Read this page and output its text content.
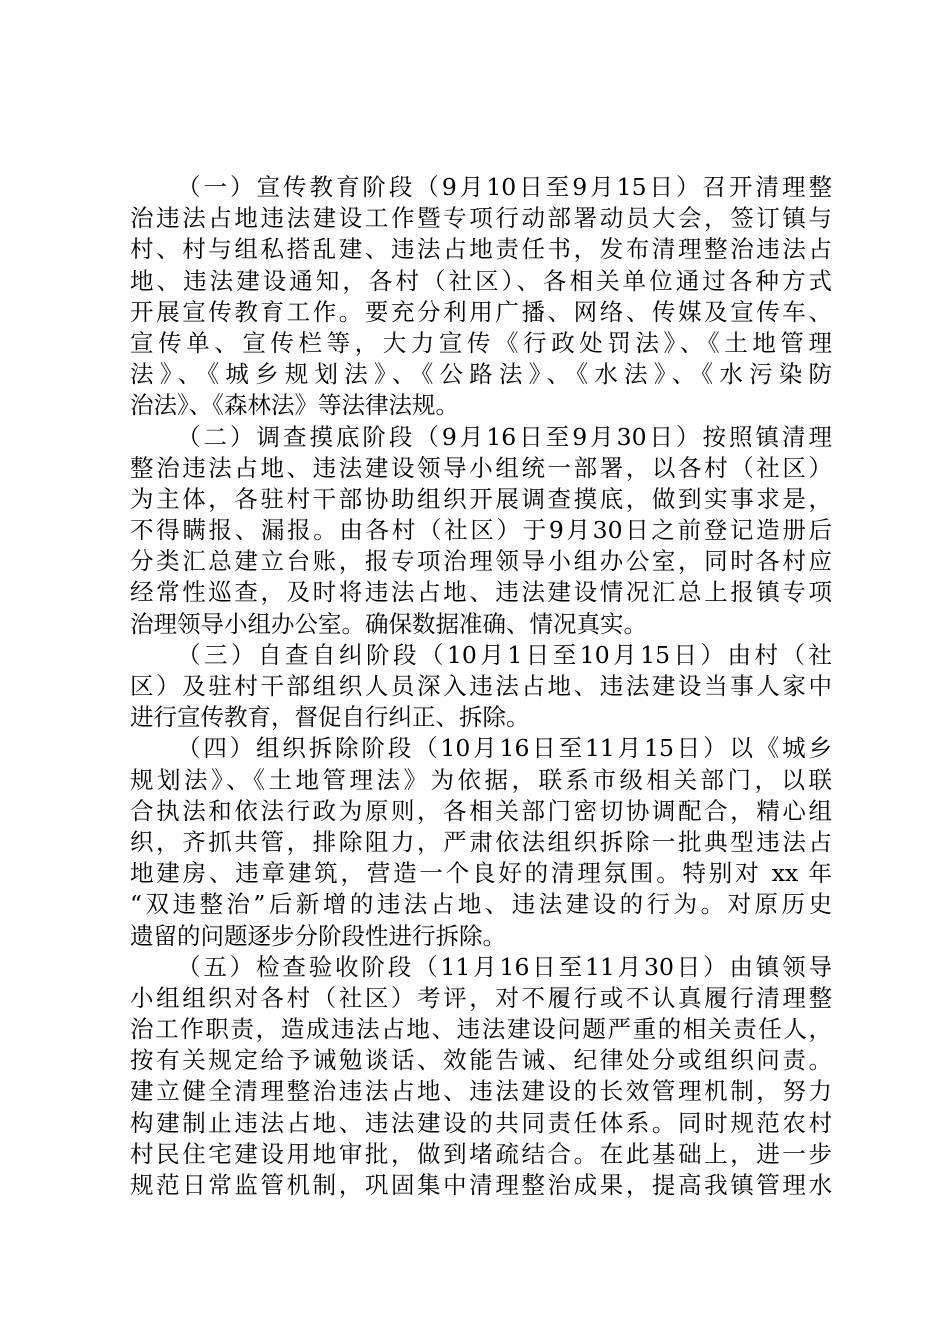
（一）宣传教育阶段（9月10日至9月15日）召开清理整
治违法占地违法建设工作暨专项行动部署动员大会，签订镇与
村、村与组私搭乱建、违法占地责任书，发布清理整治违法占
地、违法建设通知，各村（社区）、各相关单位通过各种方式
开展宣传教育工作。要充分利用广播、网络、传媒及宣传车、
宣传单、宣传栏等，大力宣传《行政处罚法》、《土地管理
法》、《城乡规划法》、《公路法》、《水法》、《水污染防
治法》、《森林法》等法律法规。
（二）调查摸底阶段（9月16日至9月30日）按照镇清理
整治违法占地、违法建设领导小组统一部署，以各村（社区）
为主体，各驻村干部协助组织开展调查摸底，做到实事求是，
不得瞒报、漏报。由各村（社区）于9月30日之前登记造册后
分类汇总建立台账，报专项治理领导小组办公室，同时各村应
经常性巡查，及时将违法占地、违法建设情况汇总上报镇专项
治理领导小组办公室。确保数据准确、情况真实。
（三）自查自纠阶段（10月1日至10月15日）由村（社
区）及驻村干部组织人员深入违法占地、违法建设当事人家中
进行宣传教育，督促自行纠正、拆除。
（四）组织拆除阶段（10月16日至11月15日）以《城乡
规划法》、《土地管理法》为依据，联系市级相关部门，以联
合执法和依法行政为原则，各相关部门密切协调配合，精心组
织，齐抓共管，排除阻力，严肃依法组织拆除一批典型违法占
地建房、违章建筑，营造一个良好的清理氛围。特别对 xx 年
“双违整治”后新增的违法占地、违法建设的行为。对原历史
遗留的问题逐步分阶段性进行拆除。
（五）检查验收阶段（11月16日至11月30日）由镇领导
小组组织对各村（社区）考评，对不履行或不认真履行清理整
治工作职责，造成违法占地、违法建设问题严重的相关责任人，
按有关规定给予诫勉谈话、效能告诫、纪律处分或组织问责。
建立健全清理整治违法占地、违法建设的长效管理机制，努力
构建制止违法占地、违法建设的共同责任体系。同时规范农村
村民住宅建设用地审批，做到堵疏结合。在此基础上，进一步
规范日常监管机制，巩固集中清理整治成果，提高我镇管理水
